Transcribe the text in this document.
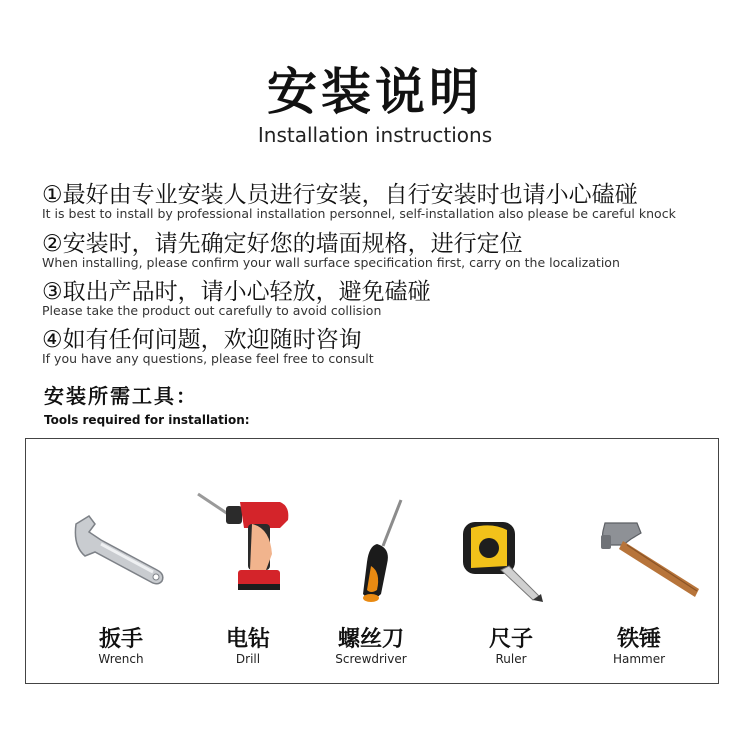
安装说明
Installation instructions
①最好由专业安装人员进行安装，自行安装时也请小心磕碰
It is best to install by professional installation personnel, self-installation also please be careful knock
②安装时，请先确定好您的墙面规格，进行定位
When installing, please confirm your wall surface specification first, carry on the localization
③取出产品时，请小心轻放，避免磕碰
Please take the product out carefully to avoid collision
④如有任何问题，欢迎随时咨询
If you have any questions, please feel free to consult
安装所需工具：
Tools required for installation:
扳手
Wrench
电钻
Drill
螺丝刀
Screwdriver
尺子
Ruler
铁锤
Hammer
